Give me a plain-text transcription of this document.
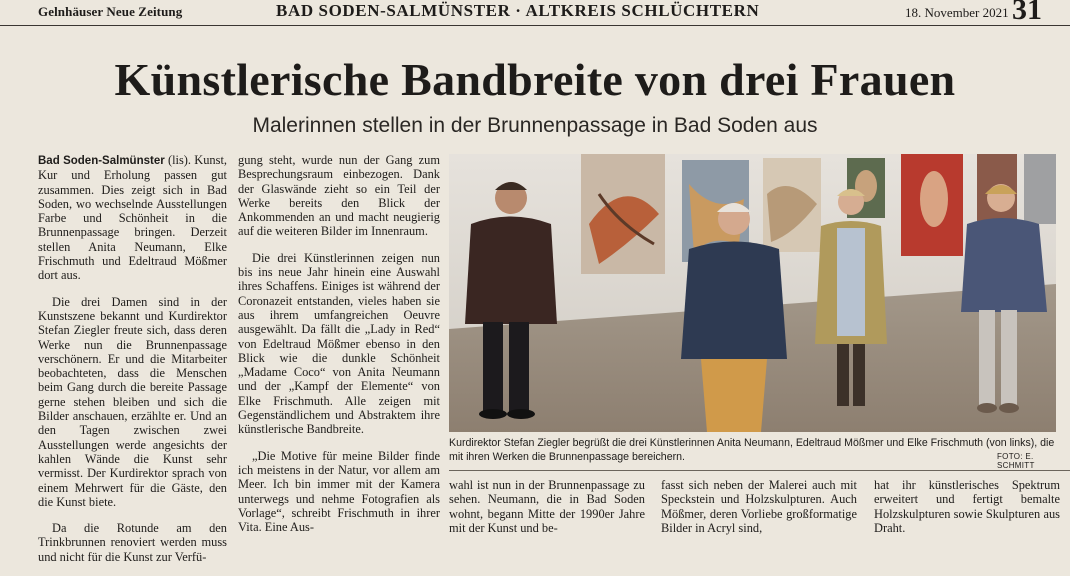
Gelnhäuser Neue Zeitung	BAD SODEN-SALMÜNSTER · ALTKREIS SCHLÜCHTERN	18. November 2021 31
Künstlerische Bandbreite von drei Frauen
Malerinnen stellen in der Brunnenpassage in Bad Soden aus

Bad Soden-Salmünster (lis). Kunst, Kur und Erholung passen gut zusammen. Dies zeigt sich in Bad Soden, wo wechselnde Ausstellungen Farbe und Schönheit in die Brunnenpassage bringen. Derzeit stellen Anita Neumann, Elke Frischmuth und Edeltraud Mößmer dort aus.

Die drei Damen sind in der Kunstszene bekannt und Kurdirektor Stefan Ziegler freute sich, dass deren Werke nun die Brunnenpassage verschönern. Er und die Mitarbeiter beobachteten, dass die Menschen beim Gang durch die bereite Passage gerne stehen bleiben und sich die Bilder anschauen, erzählte er. Und an den Tagen zwischen zwei Ausstellungen werde angesichts der kahlen Wände die Kunst sehr vermisst. Der Kurdirektor sprach von einem Mehrwert für die Gäste, den die Kunst biete.

Da die Rotunde am den Trinkbrunnen renoviert werden muss und nicht für die Kunst zur Verfü-

gung steht, wurde nun der Gang zum Besprechungsraum einbezogen. Dank der Glaswände zieht so ein Teil der Werke bereits den Blick der Ankommenden an und macht neugierig auf die weiteren Bilder im Innenraum.

Die drei Künstlerinnen zeigen nun bis ins neue Jahr hinein eine Auswahl ihres Schaffens. Einiges ist während der Coronazeit entstanden, vieles haben sie aus ihrem umfangreichen Oeuvre ausgewählt. Da fällt die „Lady in Red“ von Edeltraud Mößmer ebenso in den Blick wie die dunkle Schönheit „Madame Coco“ von Anita Neumann und der „Kampf der Elemente“ von Elke Frischmuth. Alle zeigen mit Gegenständlichem und Abstraktem ihre künstlerische Bandbreite.

„Die Motive für meine Bilder finde ich meistens in der Natur, vor allem am Meer. Ich bin immer mit der Kamera unterwegs und nehme Fotografien als Vorlage“, schreibt Frischmuth in ihrer Vita. Eine Aus-

Kurdirektor Stefan Ziegler begrüßt die drei Künstlerinnen Anita Neumann, Edeltraud Mößmer und Elke Frischmuth (von links), die mit ihren Werken die Brunnenpassage bereichern.	FOTO: E. SCHMITT

wahl ist nun in der Brunnenpassage zu sehen. Neumann, die in Bad Soden wohnt, begann Mitte der 1990er Jahre mit der Kunst und be-

fasst sich neben der Malerei auch mit Speckstein und Holzskulpturen. Auch Mößmer, deren Vorliebe großformatige Bilder in Acryl sind,

hat ihr künstlerisches Spektrum erweitert und fertigt bemalte Holzskulpturen sowie Skulpturen aus Draht.
